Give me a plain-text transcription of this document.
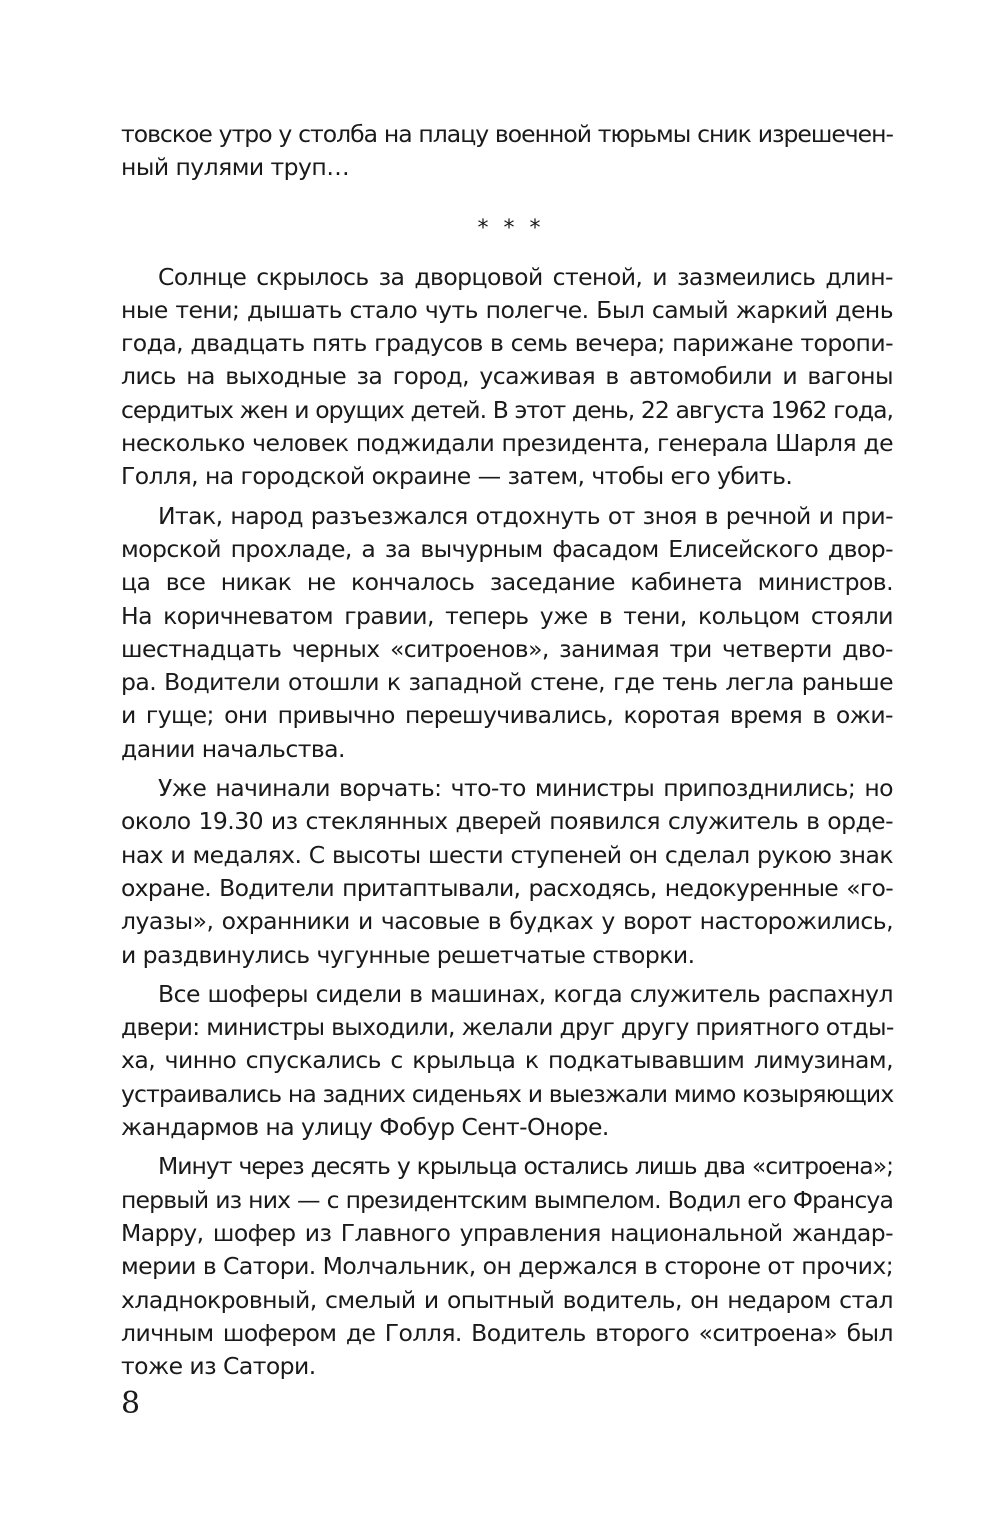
товское утро у столба на плацу военной тюрьмы сник изрешечен-
ный пулями труп…
* * *
Солнце скрылось за дворцовой стеной, и зазмеились длин-
ные тени; дышать стало чуть полегче. Был самый жаркий день
года, двадцать пять градусов в семь вечера; парижане торопи-
лись на выходные за город, усаживая в автомобили и вагоны
сердитых жен и орущих детей. В этот день, 22 августа 1962 года,
несколько человек поджидали президента, генерала Шарля де
Голля, на городской окраине — затем, чтобы его убить.
Итак, народ разъезжался отдохнуть от зноя в речной и при-
морской прохладе, а за вычурным фасадом Елисейского двор-
ца все никак не кончалось заседание кабинета министров.
На коричневатом гравии, теперь уже в тени, кольцом стояли
шестнадцать черных «ситроенов», занимая три четверти дво-
ра. Водители отошли к западной стене, где тень легла раньше
и гуще; они привычно перешучивались, коротая время в ожи-
дании начальства.
Уже начинали ворчать: что-то министры припозднились; но
около 19.30 из стеклянных дверей появился служитель в орде-
нах и медалях. С высоты шести ступеней он сделал рукою знак
охране. Водители притаптывали, расходясь, недокуренные «го-
луазы», охранники и часовые в будках у ворот насторожились,
и раздвинулись чугунные решетчатые створки.
Все шоферы сидели в машинах, когда служитель распахнул
двери: министры выходили, желали друг другу приятного отды-
ха, чинно спускались с крыльца к подкатывавшим лимузинам,
устраивались на задних сиденьях и выезжали мимо козыряющих
жандармов на улицу Фобур Сент-Оноре.
Минут через десять у крыльца остались лишь два «ситроена»;
первый из них — с президентским вымпелом. Водил его Франсуа
Марру, шофер из Главного управления национальной жандар-
мерии в Сатори. Молчальник, он держался в стороне от прочих;
хладнокровный, смелый и опытный водитель, он недаром стал
личным шофером де Голля. Водитель второго «ситроена» был
тоже из Сатори.
8
